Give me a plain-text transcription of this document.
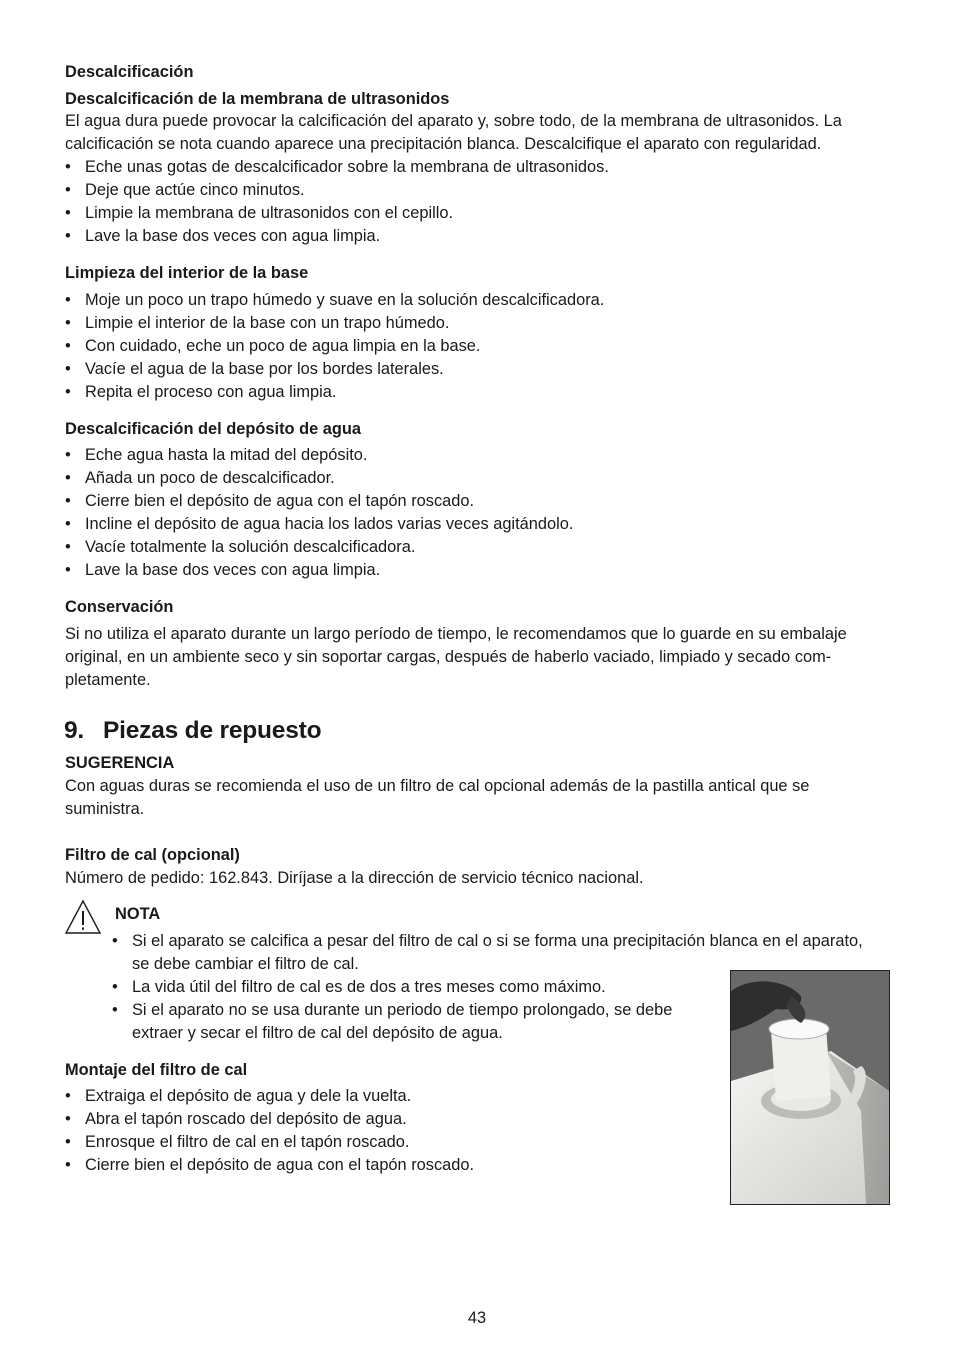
Descalcificación
Descalcificación de la membrana de ultrasonidos
El agua dura puede provocar la calcificación del aparato y, sobre todo, de la membrana de ultrasonidos. La
calcificación se nota cuando aparece una precipitación blanca. Descalcifique el aparato con regularidad.
• Eche unas gotas de descalcificador sobre la membrana de ultrasonidos.
• Deje que actúe cinco minutos.
• Limpie la membrana de ultrasonidos con el cepillo.
• Lave la base dos veces con agua limpia.
Limpieza del interior de la base
• Moje un poco un trapo húmedo y suave en la solución descalcificadora.
• Limpie el interior de la base con un trapo húmedo.
• Con cuidado, eche un poco de agua limpia en la base.
• Vacíe el agua de la base por los bordes laterales.
• Repita el proceso con agua limpia.
Descalcificación del depósito de agua
• Eche agua hasta la mitad del depósito.
• Añada un poco de descalcificador.
• Cierre bien el depósito de agua con el tapón roscado.
• Incline el depósito de agua hacia los lados varias veces agitándolo.
• Vacíe totalmente la solución descalcificadora.
• Lave la base dos veces con agua limpia.
Conservación
Si no utiliza el aparato durante un largo período de tiempo, le recomendamos que lo guarde en su embalaje
original, en un ambiente seco y sin soportar cargas, después de haberlo vaciado, limpiado y secado com-
pletamente.
9. Piezas de repuesto
SUGERENCIA
Con aguas duras se recomienda el uso de un filtro de cal opcional además de la pastilla antical que se
suministra.
Filtro de cal (opcional)
Número de pedido: 162.843. Diríjase a la dirección de servicio técnico nacional.
NOTA
• Si el aparato se calcifica a pesar del filtro de cal o si se forma una precipitación blanca en el aparato,
se debe cambiar el filtro de cal.
• La vida útil del filtro de cal es de dos a tres meses como máximo.
• Si el aparato no se usa durante un periodo de tiempo prolongado, se debe
extraer y secar el filtro de cal del depósito de agua.
Montaje del filtro de cal
• Extraiga el depósito de agua y dele la vuelta.
• Abra el tapón roscado del depósito de agua.
• Enrosque el filtro de cal en el tapón roscado.
• Cierre bien el depósito de agua con el tapón roscado.
43
